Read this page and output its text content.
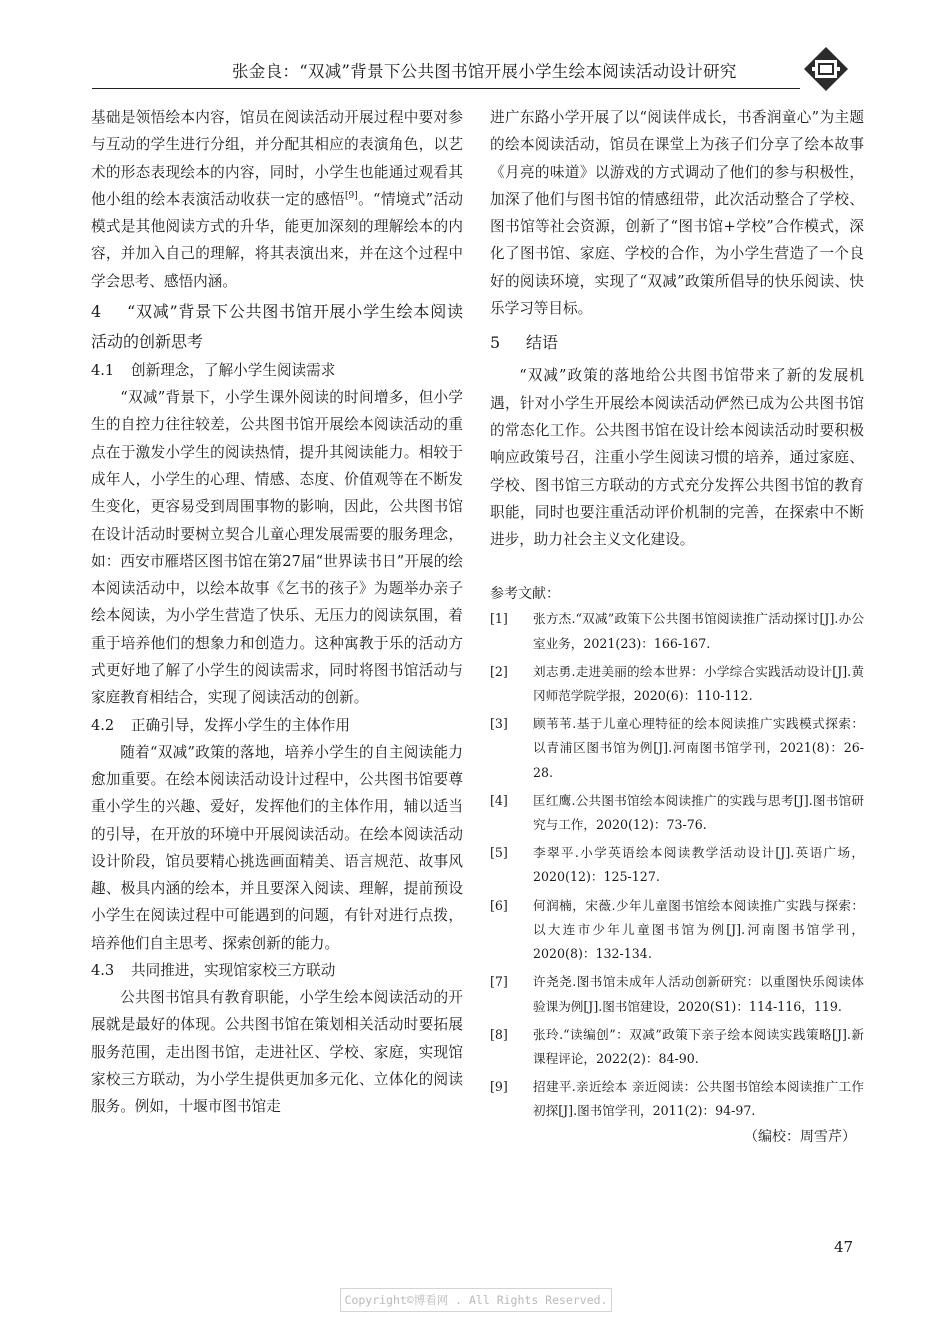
张金良：“双减”背景下公共图书馆开展小学生绘本阅读活动设计研究

基础是领悟绘本内容，馆员在阅读活动开展过程中要对参与互动的学生进行分组，并分配其相应的表演角色，以艺术的形态表现绘本的内容，同时，小学生也能通过观看其他小组的绘本表演活动收获一定的感悟[9]。“情境式”活动模式是其他阅读方式的升华，能更加深刻的理解绘本的内容，并加入自己的理解，将其表演出来，并在这个过程中学会思考、感悟内涵。

4 “双减”背景下公共图书馆开展小学生绘本阅读活动的创新思考
4.1 创新理念，了解小学生阅读需求

“双减”背景下，小学生课外阅读的时间增多，但小学生的自控力往往较差，公共图书馆开展绘本阅读活动的重点在于激发小学生的阅读热情，提升其阅读能力。相较于成年人，小学生的心理、情感、态度、价值观等在不断发生变化，更容易受到周围事物的影响，因此，公共图书馆在设计活动时要树立契合儿童心理发展需要的服务理念，如：西安市雁塔区图书馆在第27届“世界读书日”开展的绘本阅读活动中，以绘本故事《乞书的孩子》为题举办亲子绘本阅读，为小学生营造了快乐、无压力的阅读氛围，着重于培养他们的想象力和创造力。这种寓教于乐的活动方式更好地了解了小学生的阅读需求，同时将图书馆活动与家庭教育相结合，实现了阅读活动的创新。

4.2 正确引导，发挥小学生的主体作用

随着“双减”政策的落地，培养小学生的自主阅读能力愈加重要。在绘本阅读活动设计过程中，公共图书馆要尊重小学生的兴趣、爱好，发挥他们的主体作用，辅以适当的引导，在开放的环境中开展阅读活动。在绘本阅读活动设计阶段，馆员要精心挑选画面精美、语言规范、故事风趣、极具内涵的绘本，并且要深入阅读、理解，提前预设小学生在阅读过程中可能遇到的问题，有针对进行点拨，培养他们自主思考、探索创新的能力。

4.3 共同推进，实现馆家校三方联动

公共图书馆具有教育职能，小学生绘本阅读活动的开展就是最好的体现。公共图书馆在策划相关活动时要拓展服务范围，走出图书馆，走进社区、学校、家庭，实现馆家校三方联动，为小学生提供更加多元化、立体化的阅读服务。例如，十堰市图书馆走

进广东路小学开展了以“阅读伴成长，书香润童心”为主题的绘本阅读活动，馆员在课堂上为孩子们分享了绘本故事《月亮的味道》以游戏的方式调动了他们的参与积极性，加深了他们与图书馆的情感纽带，此次活动整合了学校、图书馆等社会资源，创新了“图书馆+学校”合作模式，深化了图书馆、家庭、学校的合作，为小学生营造了一个良好的阅读环境，实现了“双减”政策所倡导的快乐阅读、快乐学习等目标。

5 结语

“双减”政策的落地给公共图书馆带来了新的发展机遇，针对小学生开展绘本阅读活动俨然已成为公共图书馆的常态化工作。公共图书馆在设计绘本阅读活动时要积极响应政策号召，注重小学生阅读习惯的培养，通过家庭、学校、图书馆三方联动的方式充分发挥公共图书馆的教育职能，同时也要注重活动评价机制的完善，在探索中不断进步，助力社会主义文化建设。

参考文献：
[1] 张方杰.“双减”政策下公共图书馆阅读推广活动探讨[J].办公室业务，2021(23)：166-167.
[2] 刘志勇.走进美丽的绘本世界：小学综合实践活动设计[J].黄冈师范学院学报，2020(6)：110-112.
[3] 顾苇苇.基于儿童心理特征的绘本阅读推广实践模式探索：以青浦区图书馆为例[J].河南图书馆学刊，2021(8)：26-28.
[4] 匡红鹰.公共图书馆绘本阅读推广的实践与思考[J].图书馆研究与工作，2020(12)：73-76.
[5] 李翠平.小学英语绘本阅读教学活动设计[J].英语广场，2020(12)：125-127.
[6] 何润楠，宋薇.少年儿童图书馆绘本阅读推广实践与探索：以大连市少年儿童图书馆为例[J].河南图书馆学刊，2020(8)：132-134.
[7] 许尧尧.图书馆未成年人活动创新研究：以重图快乐阅读体验课为例[J].图书馆建设，2020(S1)：114-116，119.
[8] 张玲.“读编创”：双减”政策下亲子绘本阅读实践策略[J].新课程评论，2022(2)：84-90.
[9] 招建平.亲近绘本 亲近阅读：公共图书馆绘本阅读推广工作初探[J].图书馆学刊，2011(2)：94-97.
（编校：周雪芹）
47
Copyright©博看网 . All Rights Reserved.
